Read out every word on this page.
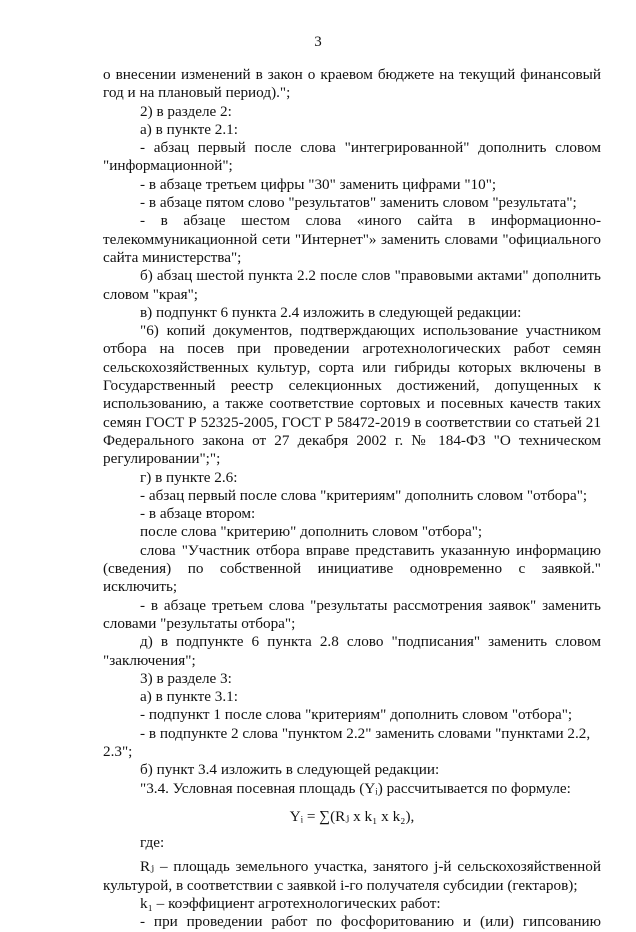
3

о внесении изменений в закон о краевом бюджете на текущий финансовый год и на плановый период).";

2) в разделе 2:

а) в пункте 2.1:

- абзац первый после слова "интегрированной" дополнить словом "информационной";

- в абзаце третьем цифры "30" заменить цифрами "10";

- в абзаце пятом слово "результатов" заменить словом "результата";

- в абзаце шестом слова «иного сайта в информационно-телекоммуникационной сети "Интернет"» заменить словами "официального сайта министерства";

б) абзац шестой пункта 2.2 после слов "правовыми актами" дополнить словом "края";

в) подпункт 6 пункта 2.4 изложить в следующей редакции:

"6) копий документов, подтверждающих использование участником отбора на посев при проведении агротехнологических работ семян сельскохозяйственных культур, сорта или гибриды которых включены в Государственный реестр селекционных достижений, допущенных к использованию, а также соответствие сортовых и посевных качеств таких семян ГОСТ Р 52325-2005, ГОСТ Р 58472-2019 в соответствии со статьей 21 Федерального закона от 27 декабря 2002 г. № 184-ФЗ "О техническом регулировании";";

г) в пункте 2.6:

- абзац первый после слова "критериям" дополнить словом "отбора";

- в абзаце втором:

после слова "критерию" дополнить словом "отбора";

слова "Участник отбора вправе представить указанную информацию (сведения) по собственной инициативе одновременно с заявкой." исключить;

- в абзаце третьем слова "результаты рассмотрения заявок" заменить словами "результаты отбора";

д) в подпункте 6 пункта 2.8 слово "подписания" заменить словом "заключения";

3) в разделе 3:

а) в пункте 3.1:

- подпункт 1 после слова "критериям" дополнить словом "отбора";

- в подпункте 2 слова "пунктом 2.2" заменить словами "пунктами 2.2, 2.3";

б) пункт 3.4 изложить в следующей редакции:

"3.4. Условная посевная площадь (Yᵢ) рассчитывается по формуле:

Yᵢ = ∑(Rⱼ x k₁ x k₂),

где:

Rⱼ – площадь земельного участка, занятого j-й сельскохозяйственной культурой, в соответствии с заявкой i-го получателя субсидии (гектаров);

k₁ – коэффициент агротехнологических работ:

- при проведении работ по фосфоритованию и (или) гипсованию
